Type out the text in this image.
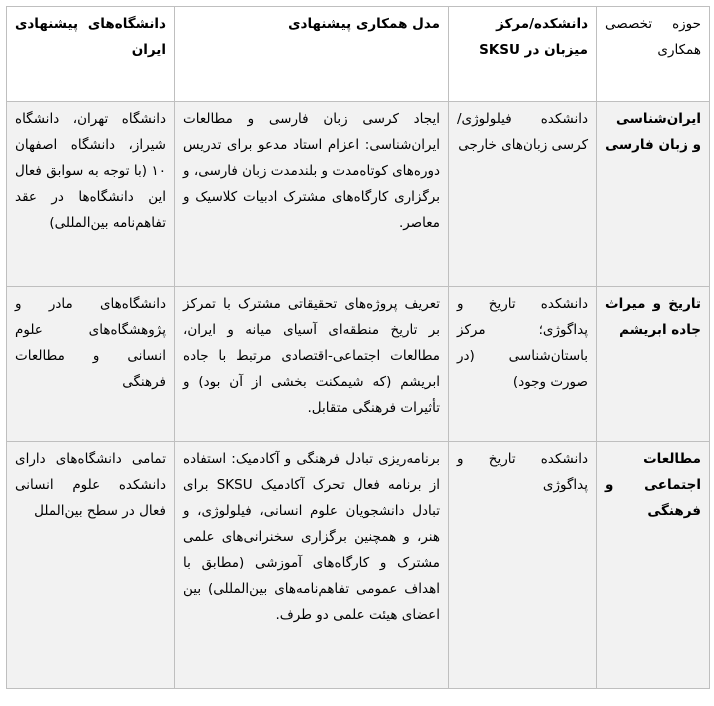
حوزه تخصصی همکاری	دانشکده/مرکز میزبان در SKSU	مدل همکاری پیشنهادی	دانشگاه‌های پیشنهادی ایران
ایران‌شناسی و زبان فارسی	دانشکده فیلولوژی/کرسی زبان‌های خارجی	ایجاد کرسی زبان فارسی و مطالعات ایران‌شناسی: اعزام استاد مدعو برای تدریس دوره‌های کوتاه‌مدت و بلندمدت زبان فارسی، و برگزاری کارگاه‌های مشترک ادبیات کلاسیک و معاصر.	دانشگاه تهران، دانشگاه شیراز، دانشگاه اصفهان ۱۰ (با توجه به سوابق فعال این دانشگاه‌ها در عقد تفاهم‌نامه بین‌المللی)
تاریخ و میراث جاده ابریشم	دانشکده تاریخ و پداگوژی؛ مرکز باستان‌شناسی (در صورت وجود)	تعریف پروژه‌های تحقیقاتی مشترک با تمرکز بر تاریخ منطقه‌ای آسیای میانه و ایران، مطالعات اجتماعی-اقتصادی مرتبط با جاده ابریشم (که شیمکنت بخشی از آن بود) و تأثیرات فرهنگی متقابل.	دانشگاه‌های مادر و پژوهشگاه‌های علوم انسانی و مطالعات فرهنگی
مطالعات اجتماعی و فرهنگی	دانشکده تاریخ و پداگوژی	برنامه‌ریزی تبادل فرهنگی و آکادمیک: استفاده از برنامه فعال تحرک آکادمیک SKSU برای تبادل دانشجویان علوم انسانی، فیلولوژی، و هنر، و همچنین برگزاری سخنرانی‌های علمی مشترک و کارگاه‌های آموزشی (مطابق با اهداف عمومی تفاهم‌نامه‌های بین‌المللی) بین اعضای هیئت علمی دو طرف.	تمامی دانشگاه‌های دارای دانشکده علوم انسانی فعال در سطح بین‌الملل
